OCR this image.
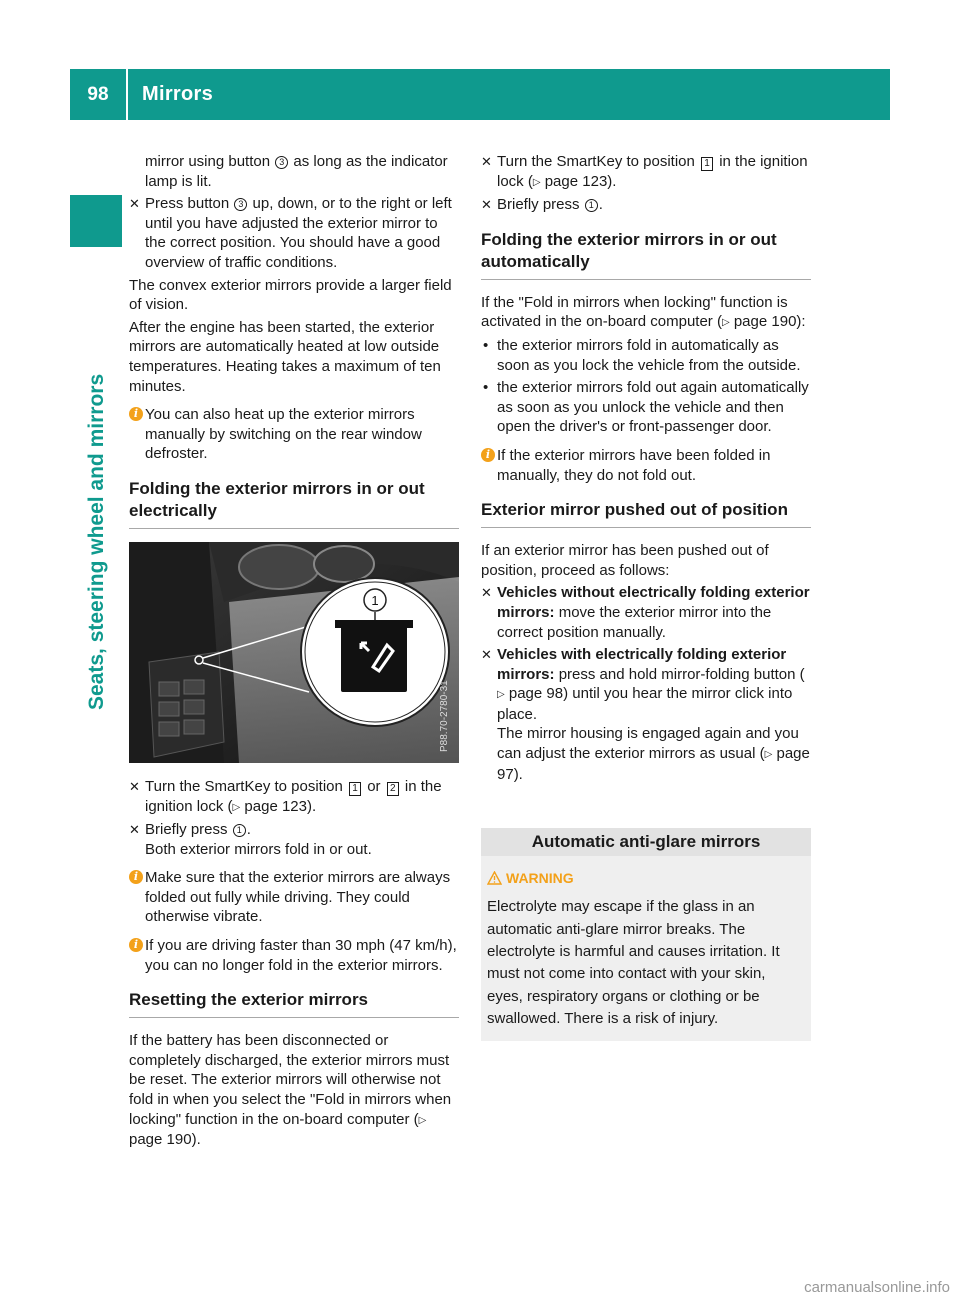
98	Mirrors
Seats, steering wheel and mirrors
mirror using button 3 as long as the indicator lamp is lit.
✕ Press button 3 up, down, or to the right or left until you have adjusted the exterior mirror to the correct position. You should have a good overview of traffic conditions.
The convex exterior mirrors provide a larger field of vision.
After the engine has been started, the exterior mirrors are automatically heated at low outside temperatures. Heating takes a maximum of ten minutes.
i You can also heat up the exterior mirrors manually by switching on the rear window defroster.
Folding the exterior mirrors in or out electrically
1
P88.70-2780-31
✕ Turn the SmartKey to position 1 or 2 in the ignition lock (▷ page 123).
✕ Briefly press 1 .
Both exterior mirrors fold in or out.
i Make sure that the exterior mirrors are always folded out fully while driving. They could otherwise vibrate.
i If you are driving faster than 30 mph (47 km/h), you can no longer fold in the exterior mirrors.
Resetting the exterior mirrors
If the battery has been disconnected or completely discharged, the exterior mirrors must be reset. The exterior mirrors will otherwise not fold in when you select the "Fold in mirrors when locking" function in the on-board computer (▷ page 190).
✕ Turn the SmartKey to position 1 in the ignition lock (▷ page 123).
✕ Briefly press 1 .
Folding the exterior mirrors in or out automatically
If the "Fold in mirrors when locking" function is activated in the on-board computer (▷ page 190):
• the exterior mirrors fold in automatically as soon as you lock the vehicle from the outside.
• the exterior mirrors fold out again automatically as soon as you unlock the vehicle and then open the driver's or front-passenger door.
i If the exterior mirrors have been folded in manually, they do not fold out.
Exterior mirror pushed out of position
If an exterior mirror has been pushed out of position, proceed as follows:
✕ Vehicles without electrically folding exterior mirrors: move the exterior mirror into the correct position manually.
✕ Vehicles with electrically folding exterior mirrors: press and hold mirror-folding button (▷ page 98) until you hear the mirror click into place.
The mirror housing is engaged again and you can adjust the exterior mirrors as usual (▷ page 97).
Automatic anti-glare mirrors
WARNING
Electrolyte may escape if the glass in an automatic anti-glare mirror breaks. The electrolyte is harmful and causes irritation. It must not come into contact with your skin, eyes, respiratory organs or clothing or be swallowed. There is a risk of injury.
carmanualsonline.info
